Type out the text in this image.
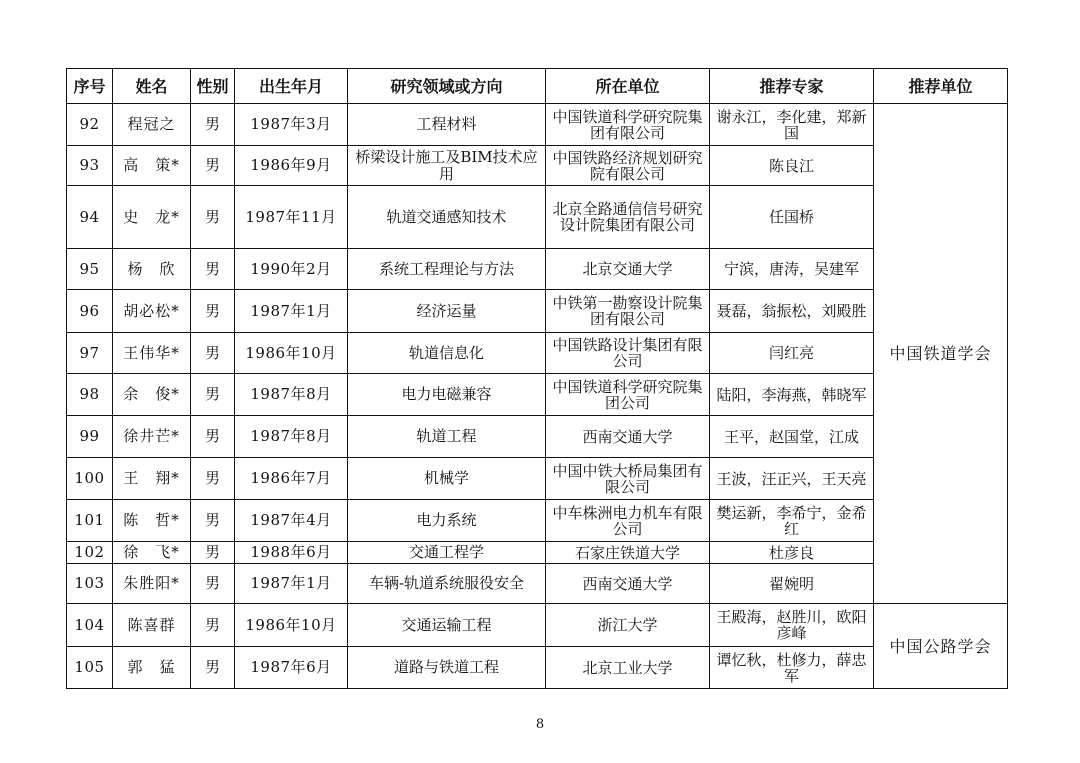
序号	姓名	性别	出生年月	研究领域或方向	所在单位	推荐专家	推荐单位
92	程冠之	男	1987年3月	工程材料	中国铁道科学研究院集团有限公司	谢永江，李化建，郑新国	中国铁道学会
93	高　策*	男	1986年9月	桥梁设计施工及BIM技术应用	中国铁路经济规划研究院有限公司	陈良江	
94	史　龙*	男	1987年11月	轨道交通感知技术	北京全路通信信号研究设计院集团有限公司	任国桥	
95	杨　欣	男	1990年2月	系统工程理论与方法	北京交通大学	宁滨，唐涛，吴建军	
96	胡必松*	男	1987年1月	经济运量	中铁第一勘察设计院集团有限公司	聂磊，翁振松，刘殿胜	
97	王伟华*	男	1986年10月	轨道信息化	中国铁路设计集团有限公司	闫红亮	
98	余　俊*	男	1987年8月	电力电磁兼容	中国铁道科学研究院集团公司	陆阳，李海燕，韩晓军	
99	徐井芒*	男	1987年8月	轨道工程	西南交通大学	王平，赵国堂，江成	
100	王　翔*	男	1986年7月	机械学	中国中铁大桥局集团有限公司	王波，汪正兴，王天亮	
101	陈　哲*	男	1987年4月	电力系统	中车株洲电力机车有限公司	樊运新，李希宁，金希红	
102	徐　飞*	男	1988年6月	交通工程学	石家庄铁道大学	杜彦良	
103	朱胜阳*	男	1987年1月	车辆-轨道系统服役安全	西南交通大学	翟婉明	
104	陈喜群	男	1986年10月	交通运输工程	浙江大学	王殿海，赵胜川，欧阳彦峰	中国公路学会
105	郭　猛	男	1987年6月	道路与铁道工程	北京工业大学	谭忆秋，杜修力，薛忠军	
8
